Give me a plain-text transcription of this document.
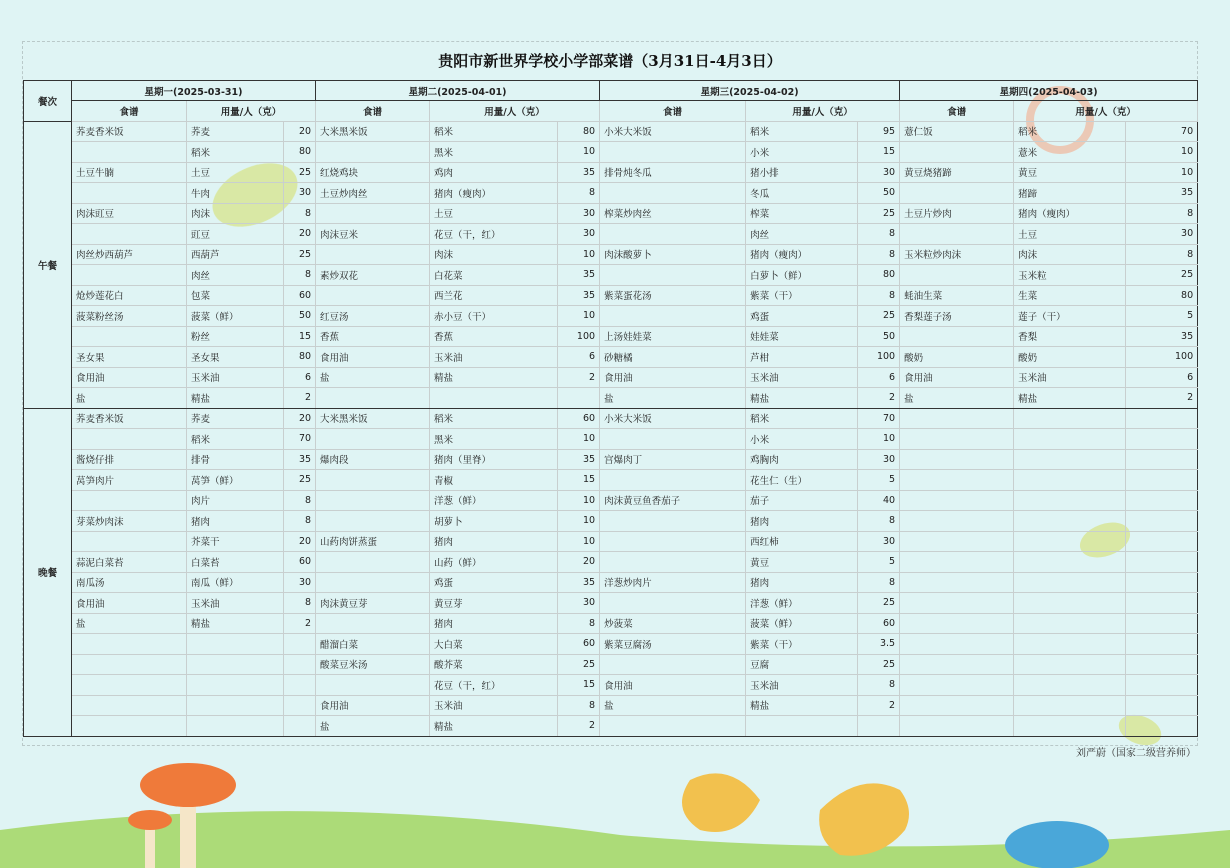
贵阳市新世界学校小学部菜谱（3月31日-4月3日）
餐次	星期一(2025-03-31)			星期二(2025-04-01)			星期三(2025-04-02)			星期四(2025-04-03)		
	食谱	用量/人（克）		食谱	用量/人（克）		食谱	用量/人（克）		食谱	用量/人（克）	
午餐	荞麦香米饭	荞麦	20	大米黑米饭	稻米	80	小米大米饭	稻米	95	薏仁饭	稻米	70
		稻米	80		黑米	10		小米	15		薏米	10
	土豆牛腩	土豆	25	红烧鸡块	鸡肉	35	排骨炖冬瓜	猪小排	30	黄豆烧猪蹄	黄豆	10
		牛肉	30	土豆炒肉丝	猪肉（瘦肉）	8		冬瓜	50		猪蹄	35
	肉沫豇豆	肉沫	8		土豆	30	榨菜炒肉丝	榨菜	25	土豆片炒肉	猪肉（瘦肉）	8
		豇豆	20	肉沫豆米	花豆（干，红）	30		肉丝	8		土豆	30
	肉丝炒西葫芦	西葫芦	25		肉沫	10	肉沫酸萝卜	猪肉（瘦肉）	8	玉米粒炒肉沫	肉沫	8
		肉丝	8	素炒双花	白花菜	35		白萝卜（鲜）	80		玉米粒	25
	炝炒莲花白	包菜	60		西兰花	35	紫菜蛋花汤	紫菜（干）	8	蚝油生菜	生菜	80
	菠菜粉丝汤	菠菜（鲜）	50	红豆汤	赤小豆（干）	10		鸡蛋	25	香梨莲子汤	莲子（干）	5
		粉丝	15	香蕉	香蕉	100	上汤娃娃菜	娃娃菜	50		香梨	35
	圣女果	圣女果	80	食用油	玉米油	6	砂糖橘	芦柑	100	酸奶	酸奶	100
	食用油	玉米油	6	盐	精盐	2	食用油	玉米油	6	食用油	玉米油	6
	盐	精盐	2				盐	精盐	2	盐	精盐	2
晚餐	荞麦香米饭	荞麦	20	大米黑米饭	稻米	60	小米大米饭	稻米	70			
		稻米	70		黑米	10		小米	10			
	酱烧仔排	排骨	35	爆肉段	猪肉（里脊）	35	宫爆肉丁	鸡胸肉	30			
	莴笋肉片	莴笋（鲜）	25		青椒	15		花生仁（生）	5			
		肉片	8		洋葱（鲜）	10	肉沫黄豆鱼香茄子	茄子	40			
	芽菜炒肉沫	猪肉	8		胡萝卜	10		猪肉	8			
		芥菜干	20	山药肉饼蒸蛋	猪肉	10		西红柿	30			
	蒜泥白菜苔	白菜苔	60		山药（鲜）	20		黄豆	5			
	南瓜汤	南瓜（鲜）	30		鸡蛋	35	洋葱炒肉片	猪肉	8			
	食用油	玉米油	8	肉沫黄豆芽	黄豆芽	30		洋葱（鲜）	25			
	盐	精盐	2		猪肉	8	炒菠菜	菠菜（鲜）	60			
				醋溜白菜	大白菜	60	紫菜豆腐汤	紫菜（干）	3.5			
				酸菜豆米汤	酸芥菜	25		豆腐	25			
					花豆（干，红）	15	食用油	玉米油	8			
				食用油	玉米油	8	盐	精盐	2			
				盐	精盐	2						
刘严蔚（国家二级营养师）
